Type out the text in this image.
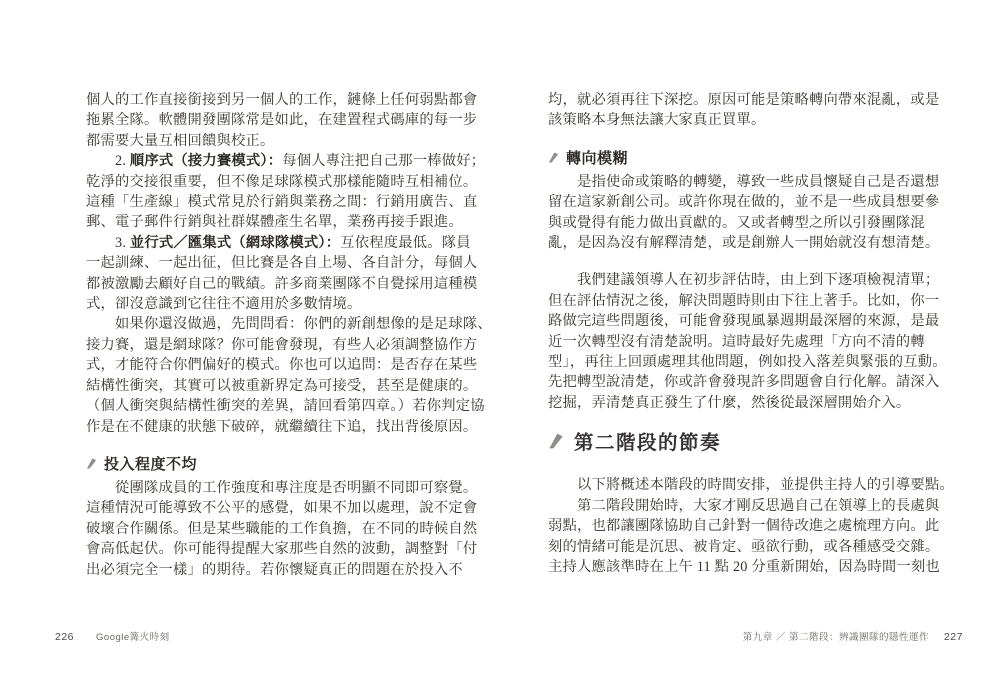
個人的工作直接銜接到另一個人的工作，鏈條上任何弱點都會
拖累全隊。軟體開發團隊常是如此，在建置程式碼庫的每一步
都需要大量互相回饋與校正。
2. 順序式（接力賽模式）：每個人專注把自己那一棒做好；
乾淨的交接很重要，但不像足球隊模式那樣能隨時互相補位。
這種「生產線」模式常見於行銷與業務之間：行銷用廣告、直
郵、電子郵件行銷與社群媒體產生名單，業務再接手跟進。
3. 並行式／匯集式（網球隊模式）：互依程度最低。隊員
一起訓練、一起出征，但比賽是各自上場、各自計分，每個人
都被激勵去顧好自己的戰績。許多商業團隊不自覺採用這種模
式，卻沒意識到它往往不適用於多數情境。
如果你還沒做過，先問問看：你們的新創想像的是足球隊、
接力賽，還是網球隊？你可能會發現，有些人必須調整協作方
式，才能符合你們偏好的模式。你也可以追問：是否存在某些
結構性衝突，其實可以被重新界定為可接受，甚至是健康的。
（個人衝突與結構性衝突的差異，請回看第四章。）若你判定協
作是在不健康的狀態下破碎，就繼續往下追，找出背後原因。
投入程度不均
從團隊成員的工作強度和專注度是否明顯不同即可察覺。
這種情況可能導致不公平的感覺，如果不加以處理，說不定會
破壞合作關係。但是某些職能的工作負擔，在不同的時候自然
會高低起伏。你可能得提醒大家那些自然的波動，調整對「付
出必須完全一樣」的期待。若你懷疑真正的問題在於投入不
均，就必須再往下深挖。原因可能是策略轉向帶來混亂，或是
該策略本身無法讓大家真正買單。
轉向模糊
是指使命或策略的轉變，導致一些成員懷疑自己是否還想
留在這家新創公司。或許你現在做的，並不是一些成員想要參
與或覺得有能力做出貢獻的。又或者轉型之所以引發團隊混
亂，是因為沒有解釋清楚，或是創辦人一開始就沒有想清楚。
我們建議領導人在初步評估時，由上到下逐項檢視清單；
但在評估情況之後，解決問題時則由下往上著手。比如，你一
路做完這些問題後，可能會發現風暴週期最深層的來源，是最
近一次轉型沒有清楚說明。這時最好先處理「方向不清的轉
型」，再往上回頭處理其他問題，例如投入落差與緊張的互動。
先把轉型說清楚，你或許會發現許多問題會自行化解。請深入
挖掘，弄清楚真正發生了什麼，然後從最深層開始介入。
第二階段的節奏
以下將概述本階段的時間安排，並提供主持人的引導要點。
第二階段開始時，大家才剛反思過自己在領導上的長處與
弱點，也都讓團隊協助自己針對一個待改進之處梳理方向。此
刻的情緒可能是沉思、被肯定、亟欲行動，或各種感受交雜。
主持人應該準時在上午 11 點 20 分重新開始，因為時間一刻也
226 Google篝火時刻	第九章 ／ 第二階段：辨識團隊的隱性運作 227
